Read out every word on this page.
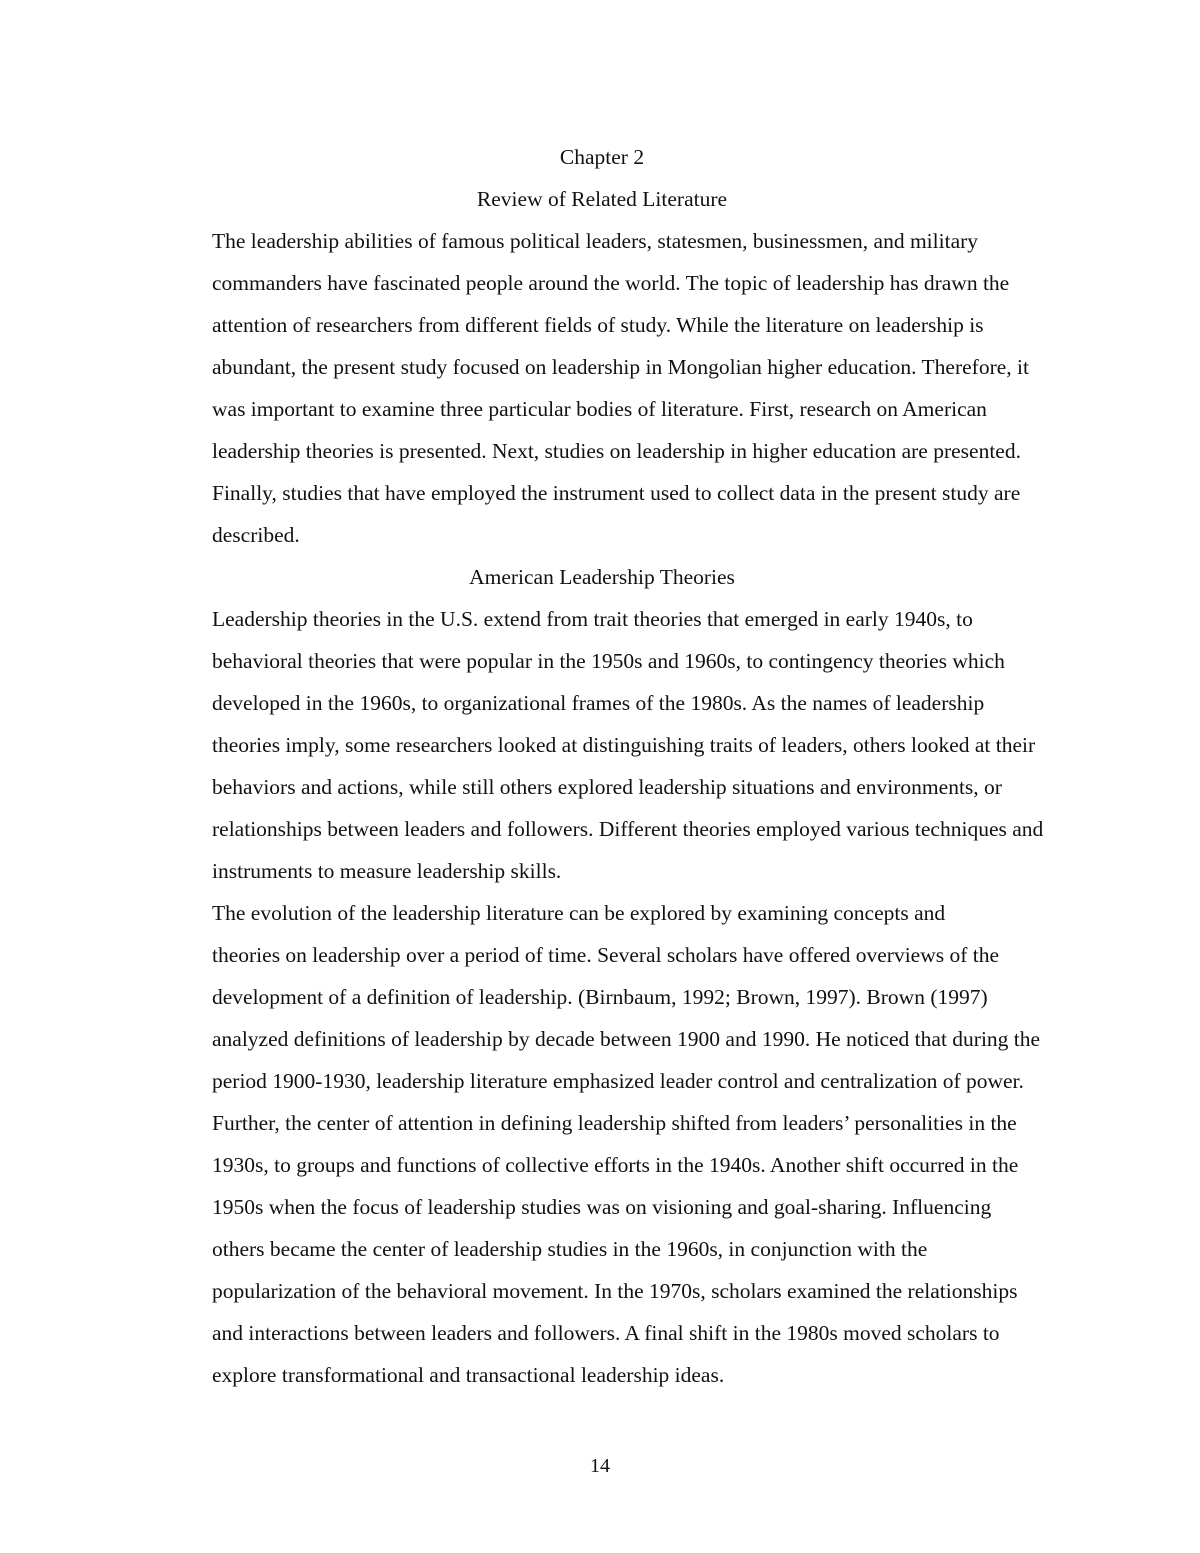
Chapter 2

Review of Related Literature

The leadership abilities of famous political leaders, statesmen, businessmen, and military
commanders have fascinated people around the world. The topic of leadership has drawn the
attention of researchers from different fields of study. While the literature on leadership is
abundant, the present study focused on leadership in Mongolian higher education. Therefore, it
was important to examine three particular bodies of literature. First, research on American
leadership theories is presented. Next, studies on leadership in higher education are presented.
Finally, studies that have employed the instrument used to collect data in the present study are
described.

American Leadership Theories

Leadership theories in the U.S. extend from trait theories that emerged in early 1940s, to
behavioral theories that were popular in the 1950s and 1960s, to contingency theories which
developed in the 1960s, to organizational frames of the 1980s. As the names of leadership
theories imply, some researchers looked at distinguishing traits of leaders, others looked at their
behaviors and actions, while still others explored leadership situations and environments, or
relationships between leaders and followers. Different theories employed various techniques and
instruments to measure leadership skills.

The evolution of the leadership literature can be explored by examining concepts and
theories on leadership over a period of time. Several scholars have offered overviews of the
development of a definition of leadership. (Birnbaum, 1992; Brown, 1997). Brown (1997)
analyzed definitions of leadership by decade between 1900 and 1990. He noticed that during the
period 1900-1930, leadership literature emphasized leader control and centralization of power.
Further, the center of attention in defining leadership shifted from leaders’ personalities in the
1930s, to groups and functions of collective efforts in the 1940s. Another shift occurred in the
1950s when the focus of leadership studies was on visioning and goal-sharing. Influencing
others became the center of leadership studies in the 1960s, in conjunction with the
popularization of the behavioral movement. In the 1970s, scholars examined the relationships
and interactions between leaders and followers. A final shift in the 1980s moved scholars to
explore transformational and transactional leadership ideas.

14
